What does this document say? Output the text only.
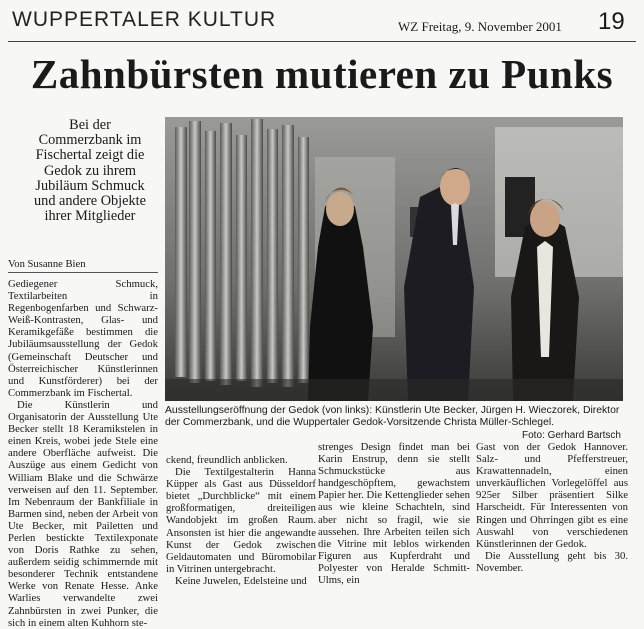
WUPPERTALER KULTUR	WZ Freitag, 9. November 2001 19
Zahnbürsten mutieren zu Punks
Bei der Commerzbank im Fischertal zeigt die Gedok zu ihrem Jubiläum Schmuck und andere Objekte ihrer Mitglieder
Von Susanne Bien

Gediegener Schmuck, Textilarbeiten in Regenbogenfarben und Schwarz-Weiß-Kontrasten, Glas- und Keramikgefäße bestimmen die Jubiläumsausstellung der Gedok (Gemeinschaft Deutscher und Österreichischer Künstlerinnen und Kunstförderer) bei der Commerzbank im Fischertal.

Die Künstlerin und Organisatorin der Ausstellung Ute Becker stellt 18 Keramikstelen in einen Kreis, wobei jede Stele eine andere Oberfläche aufweist. Die Auszüge aus einem Gedicht von William Blake und die Schwärze verweisen auf den 11. September. Im Nebenraum der Bankfiliale in Barmen sind, neben der Arbeit von Ute Becker, mit Pailetten und Perlen bestickte Textilexponate von Doris Rathke zu sehen, außerdem seidig schimmernde mit besonderer Technik entstandene Werke von Renate Hesse. Anke Warlies verwandelte zwei Zahnbürsten in zwei Punker, die sich in einem alten Kuhhorn ste-

Ausstellungseröffnung der Gedok (von links): Künstlerin Ute Becker, Jürgen H. Wieczorek, Direktor der Commerzbank, und die Wuppertaler Gedok-Vorsitzende Christa Müller-Schlegel.
Foto: Gerhard Bartsch

ckend, freundlich anblicken.

Die Textilgestalterin Hanna Küpper als Gast aus Düsseldorf bietet „Durchblicke“ mit einem großformatigen, dreiteiligen Wandobjekt im großen Raum. Ansonsten ist hier die angewandte Kunst der Gedok zwischen Geldautomaten und Büromobilar in Vitrinen untergebracht.

Keine Juwelen, Edelsteine und

strenges Design findet man bei Karin Enstrup, denn sie stellt Schmuckstücke aus handgeschöpftem, gewachstem Papier her. Die Kettenglieder sehen aus wie kleine Schachteln, sind aber nicht so fragil, wie sie aussehen. Ihre Arbeiten teilen sich die Vitrine mit leblos wirkenden Figuren aus Kupferdraht und Polyester von Heralde Schmitt-Ulms, ein

Gast von der Gedok Hannover. Salz- und Pfefferstreuer, Krawattennadeln, einen unverkäuflichen Vorlegelöffel aus 925er Silber präsentiert Silke Harscheidt. Für Interessenten von Ringen und Ohrringen gibt es eine Auswahl von verschiedenen Künstlerinnen der Gedok.

Die Ausstellung geht bis 30. November.
